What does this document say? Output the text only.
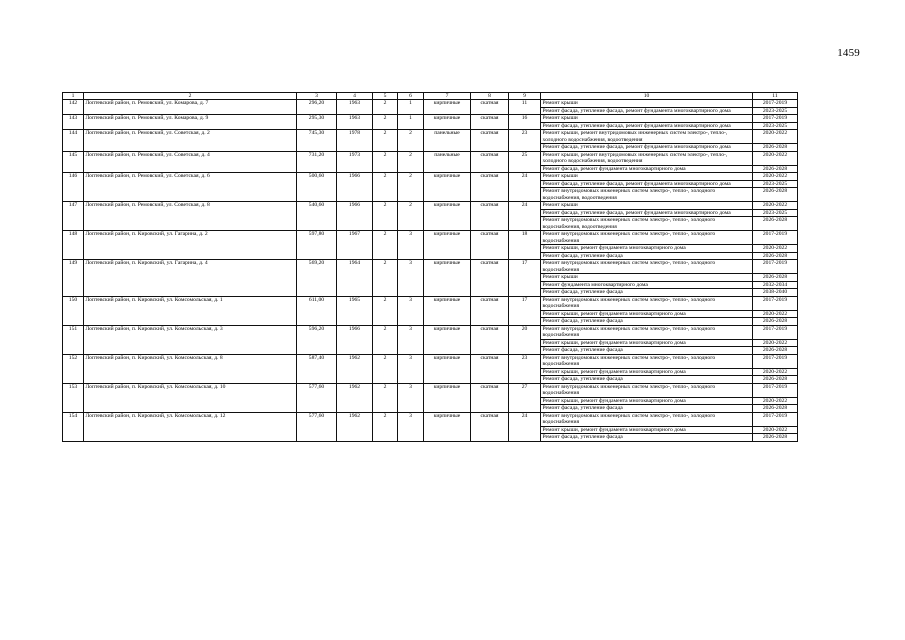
1459
1	2	3	4	5	6	7	8	9	10	11
142	Лоптевский район, п. Ремовский, ул. Комарова, д. 7	296,20	1963	2	1	кирпичные	скатная	11	Ремонт крыши	2017-2019
									Ремонт фасада, утепление фасада, ремонт фундамента многоквартирного дома	2023-2025
143	Лоптевский район, п. Ремовский, ул. Комарова, д. 9	295,30	1963	2	1	кирпичные	скатная	16	Ремонт крыши	2017-2019
									Ремонт фасада, утепление фасада, ремонт фундамента многоквартирного дома	2023-2025
144	Лоптевский район, п. Ремовский, ул. Советская, д. 2	745,30	1978	2	2	панельные	скатная	23	Ремонт крыши, ремонт внутридомовых инженерных систем электро-, тепло-, холодного водоснабжения, водоотведения	2020-2022
									Ремонт фасада, утепление фасада, ремонт фундамента многоквартирного дома	2026-2028
145	Лоптевский район, п. Ремовский, ул. Советская, д. 4	731,20	1973	2	2	панельные	скатная	25	Ремонт крыши, ремонт внутридомовых инженерных систем электро-, тепло-, холодного водоснабжения, водоотведения	2020-2022
									Ремонт фасада, ремонт фундамента многоквартирного дома	2026-2028
146	Лоптевский район, п. Ремовский, ул. Советская, д. 6	500,60	1966	2	2	кирпичные	скатная	24	Ремонт крыши	2020-2022
									Ремонт фасада, утепление фасада, ремонт фундамента многоквартирного дома	2023-2025
									Ремонт внутридомовых инженерных систем электро-, тепло-, холодного водоснабжения, водоотведения	2026-2028
147	Лоптевский район, п. Ремовский, ул. Советская, д. 8	540,60	1966	2	2	кирпичные	скатная	24	Ремонт крыши	2020-2022
									Ремонт фасада, утепление фасада, ремонт фундамента многоквартирного дома	2023-2025
									Ремонт внутридомовых инженерных систем электро-, тепло-, холодного водоснабжения, водоотведения	2026-2028
148	Лоптевский район, п. Кировский, ул. Гагарина, д. 2	597,80	1967	2	3	кирпичные	скатная	18	Ремонт внутридомовых инженерных систем электро-, тепло-, холодного водоснабжения	2017-2019
									Ремонт крыши, ремонт фундамента многоквартирного дома	2020-2022
									Ремонт фасада, утепление фасада	2026-2028
149	Лоптевский район, п. Кировский, ул. Гагарина, д. 4	569,20	1964	2	3	кирпичные	скатная	17	Ремонт внутридомовых инженерных систем электро-, тепло-, холодного водоснабжения	2017-2019
									Ремонт крыши	2026-2028
									Ремонт фундамента многоквартирного дома	2032-2034
									Ремонт фасада, утепление фасада	2038-2040
150	Лоптевский район, п. Кировский, ул. Комсомольская, д. 1	611,00	1965	2	3	кирпичные	скатная	17	Ремонт внутридомовых инженерных систем электро-, тепло-, холодного водоснабжения	2017-2019
									Ремонт крыши, ремонт фундамента многоквартирного дома	2020-2022
									Ремонт фасада, утепление фасада	2026-2028
151	Лоптевский район, п. Кировский, ул. Комсомольская, д. 3	596,20	1966	2	3	кирпичные	скатная	20	Ремонт внутридомовых инженерных систем электро-, тепло-, холодного водоснабжения	2017-2019
									Ремонт крыши, ремонт фундамента многоквартирного дома	2020-2022
									Ремонт фасада, утепление фасада	2026-2028
152	Лоптевский район, п. Кировский, ул. Комсомольская, д. 8	587,40	1962	2	3	кирпичные	скатная	23	Ремонт внутридомовых инженерных систем электро-, тепло-, холодного водоснабжения	2017-2019
									Ремонт крыши, ремонт фундамента многоквартирного дома	2020-2022
									Ремонт фасада, утепление фасада	2026-2028
153	Лоптевский район, п. Кировский, ул. Комсомольская, д. 10	577,60	1962	2	3	кирпичные	скатная	27	Ремонт внутридомовых инженерных систем электро-, тепло-, холодного водоснабжения	2017-2019
									Ремонт крыши, ремонт фундамента многоквартирного дома	2020-2022
									Ремонт фасада, утепление фасада	2026-2028
154	Лоптевский район, п. Кировский, ул. Комсомольская, д. 12	577,60	1962	2	3	кирпичные	скатная	24	Ремонт внутридомовых инженерных систем электро-, тепло-, холодного водоснабжения	2017-2019
									Ремонт крыши, ремонт фундамента многоквартирного дома	2020-2022
									Ремонт фасада, утепление фасада	2026-2028
